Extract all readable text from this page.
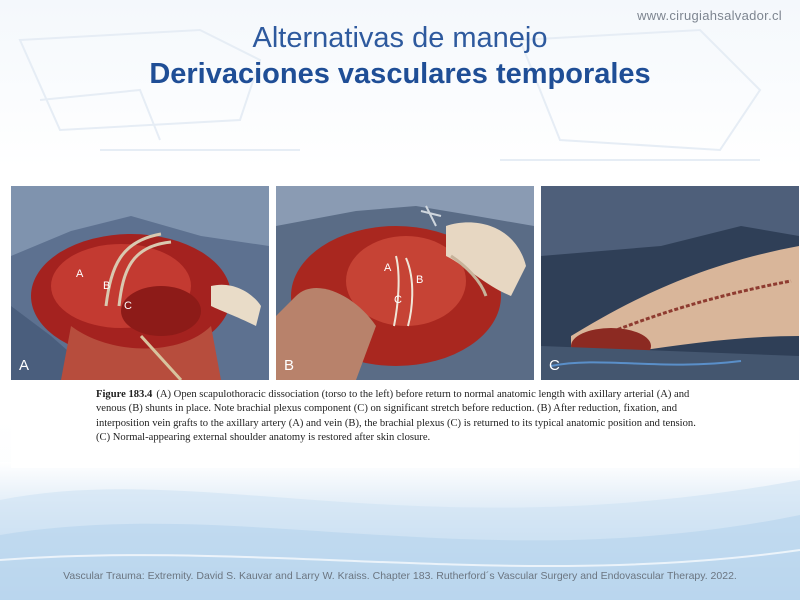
www.cirugiahsalvador.cl
Alternativas de manejo
Derivaciones vasculares temporales
A
B
C
A
A
B
C
B	C
Figure 183.4 (A) Open scapulothoracic dissociation (torso to the left) before return to normal anatomic length with axillary arterial (A) and venous (B) shunts in place. Note brachial plexus component (C) on significant stretch before reduction. (B) After reduction, fixation, and interposition vein grafts to the axillary artery (A) and vein (B), the brachial plexus (C) is returned to its typical anatomic position and tension. (C) Normal-appearing external shoulder anatomy is restored after skin closure.
Vascular Trauma: Extremity. David S. Kauvar and Larry W. Kraiss. Chapter 183. Rutherford´s Vascular Surgery and Endovascular Therapy. 2022.
